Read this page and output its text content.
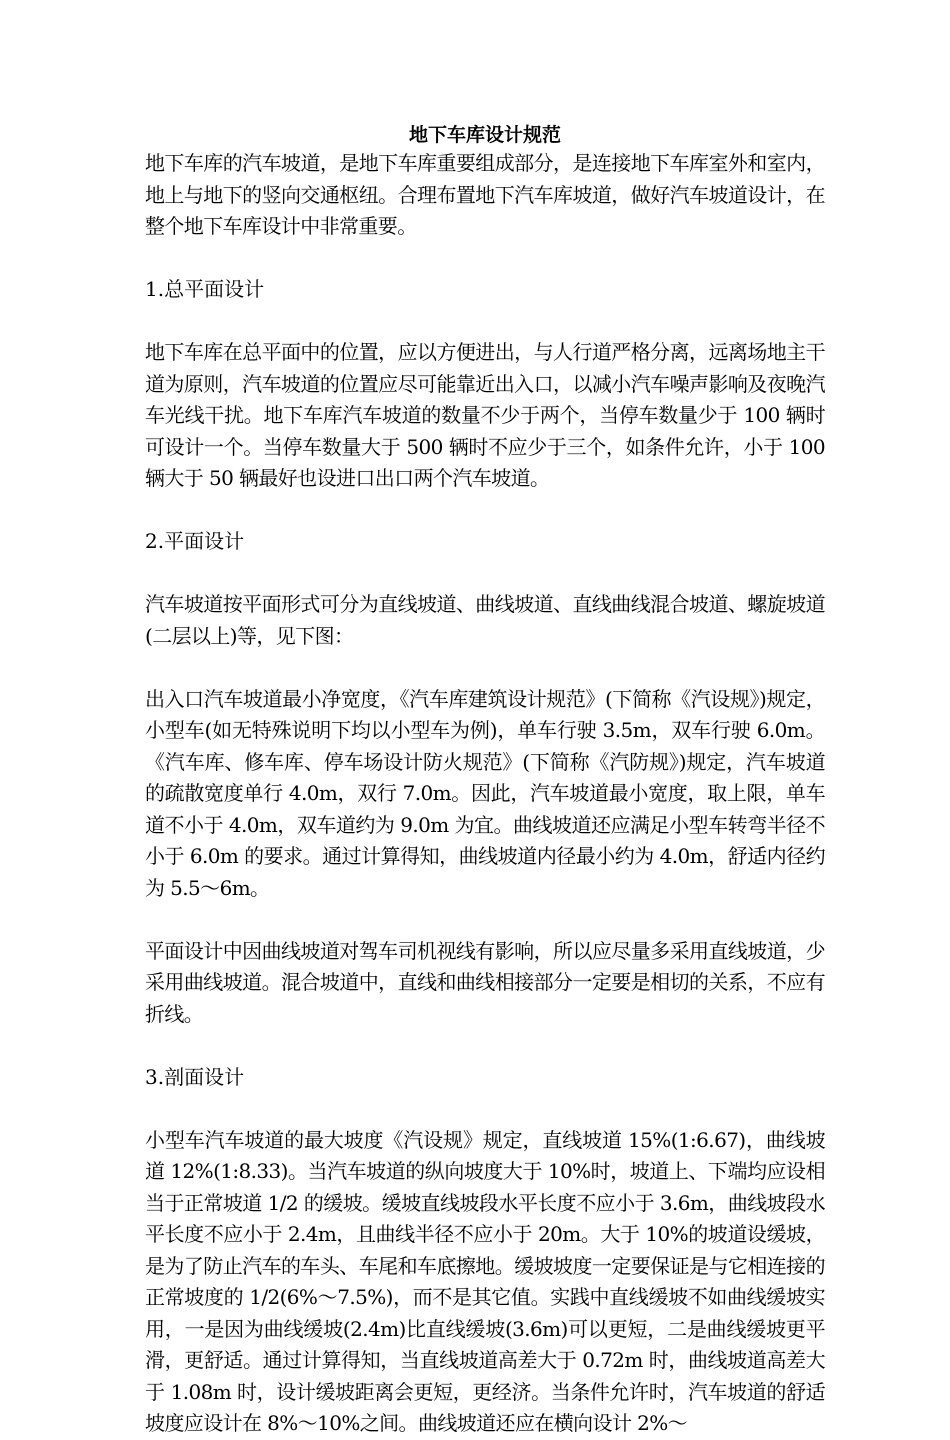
地下车库设计规范

地下车库的汽车坡道，是地下车库重要组成部分，是连接地下车库室外和室内，地上与地下的竖向交通枢纽。合理布置地下汽车库坡道，做好汽车坡道设计，在整个地下车库设计中非常重要。

1.总平面设计

地下车库在总平面中的位置，应以方便进出，与人行道严格分离，远离场地主干道为原则，汽车坡道的位置应尽可能靠近出入口，以减小汽车噪声影响及夜晚汽车光线干扰。地下车库汽车坡道的数量不少于两个，当停车数量少于 100 辆时可设计一个。当停车数量大于 500 辆时不应少于三个，如条件允许，小于 100 辆大于 50 辆最好也设进口出口两个汽车坡道。

2.平面设计

汽车坡道按平面形式可分为直线坡道、曲线坡道、直线曲线混合坡道、螺旋坡道(二层以上)等，见下图：

出入口汽车坡道最小净宽度，《汽车库建筑设计规范》(下简称《汽设规》)规定，小型车(如无特殊说明下均以小型车为例)，单车行驶 3.5m，双车行驶 6.0m。《汽车库、修车库、停车场设计防火规范》(下简称《汽防规》)规定，汽车坡道的疏散宽度单行 4.0m，双行 7.0m。因此，汽车坡道最小宽度，取上限，单车道不小于 4.0m，双车道约为 9.0m 为宜。曲线坡道还应满足小型车转弯半径不小于 6.0m 的要求。通过计算得知，曲线坡道内径最小约为 4.0m，舒适内径约为 5.5～6m。

平面设计中因曲线坡道对驾车司机视线有影响，所以应尽量多采用直线坡道，少采用曲线坡道。混合坡道中，直线和曲线相接部分一定要是相切的关系，不应有折线。

3.剖面设计

小型车汽车坡道的最大坡度《汽设规》规定，直线坡道 15%(1:6.67)，曲线坡道 12%(1:8.33)。当汽车坡道的纵向坡度大于 10%时，坡道上、下端均应设相当于正常坡道 1/2 的缓坡。缓坡直线坡段水平长度不应小于 3.6m，曲线坡段水平长度不应小于 2.4m，且曲线半径不应小于 20m。大于 10%的坡道设缓坡，是为了防止汽车的车头、车尾和车底擦地。缓坡坡度一定要保证是与它相连接的正常坡度的 1/2(6%～7.5%)，而不是其它值。实践中直线缓坡不如曲线缓坡实用，一是因为曲线缓坡(2.4m)比直线缓坡(3.6m)可以更短，二是曲线缓坡更平滑，更舒适。通过计算得知，当直线坡道高差大于 0.72m 时，曲线坡道高差大于 1.08m 时，设计缓坡距离会更短，更经济。当条件允许时，汽车坡道的舒适坡度应设计在 8%～10%之间。曲线坡道还应在横向设计 2%～
